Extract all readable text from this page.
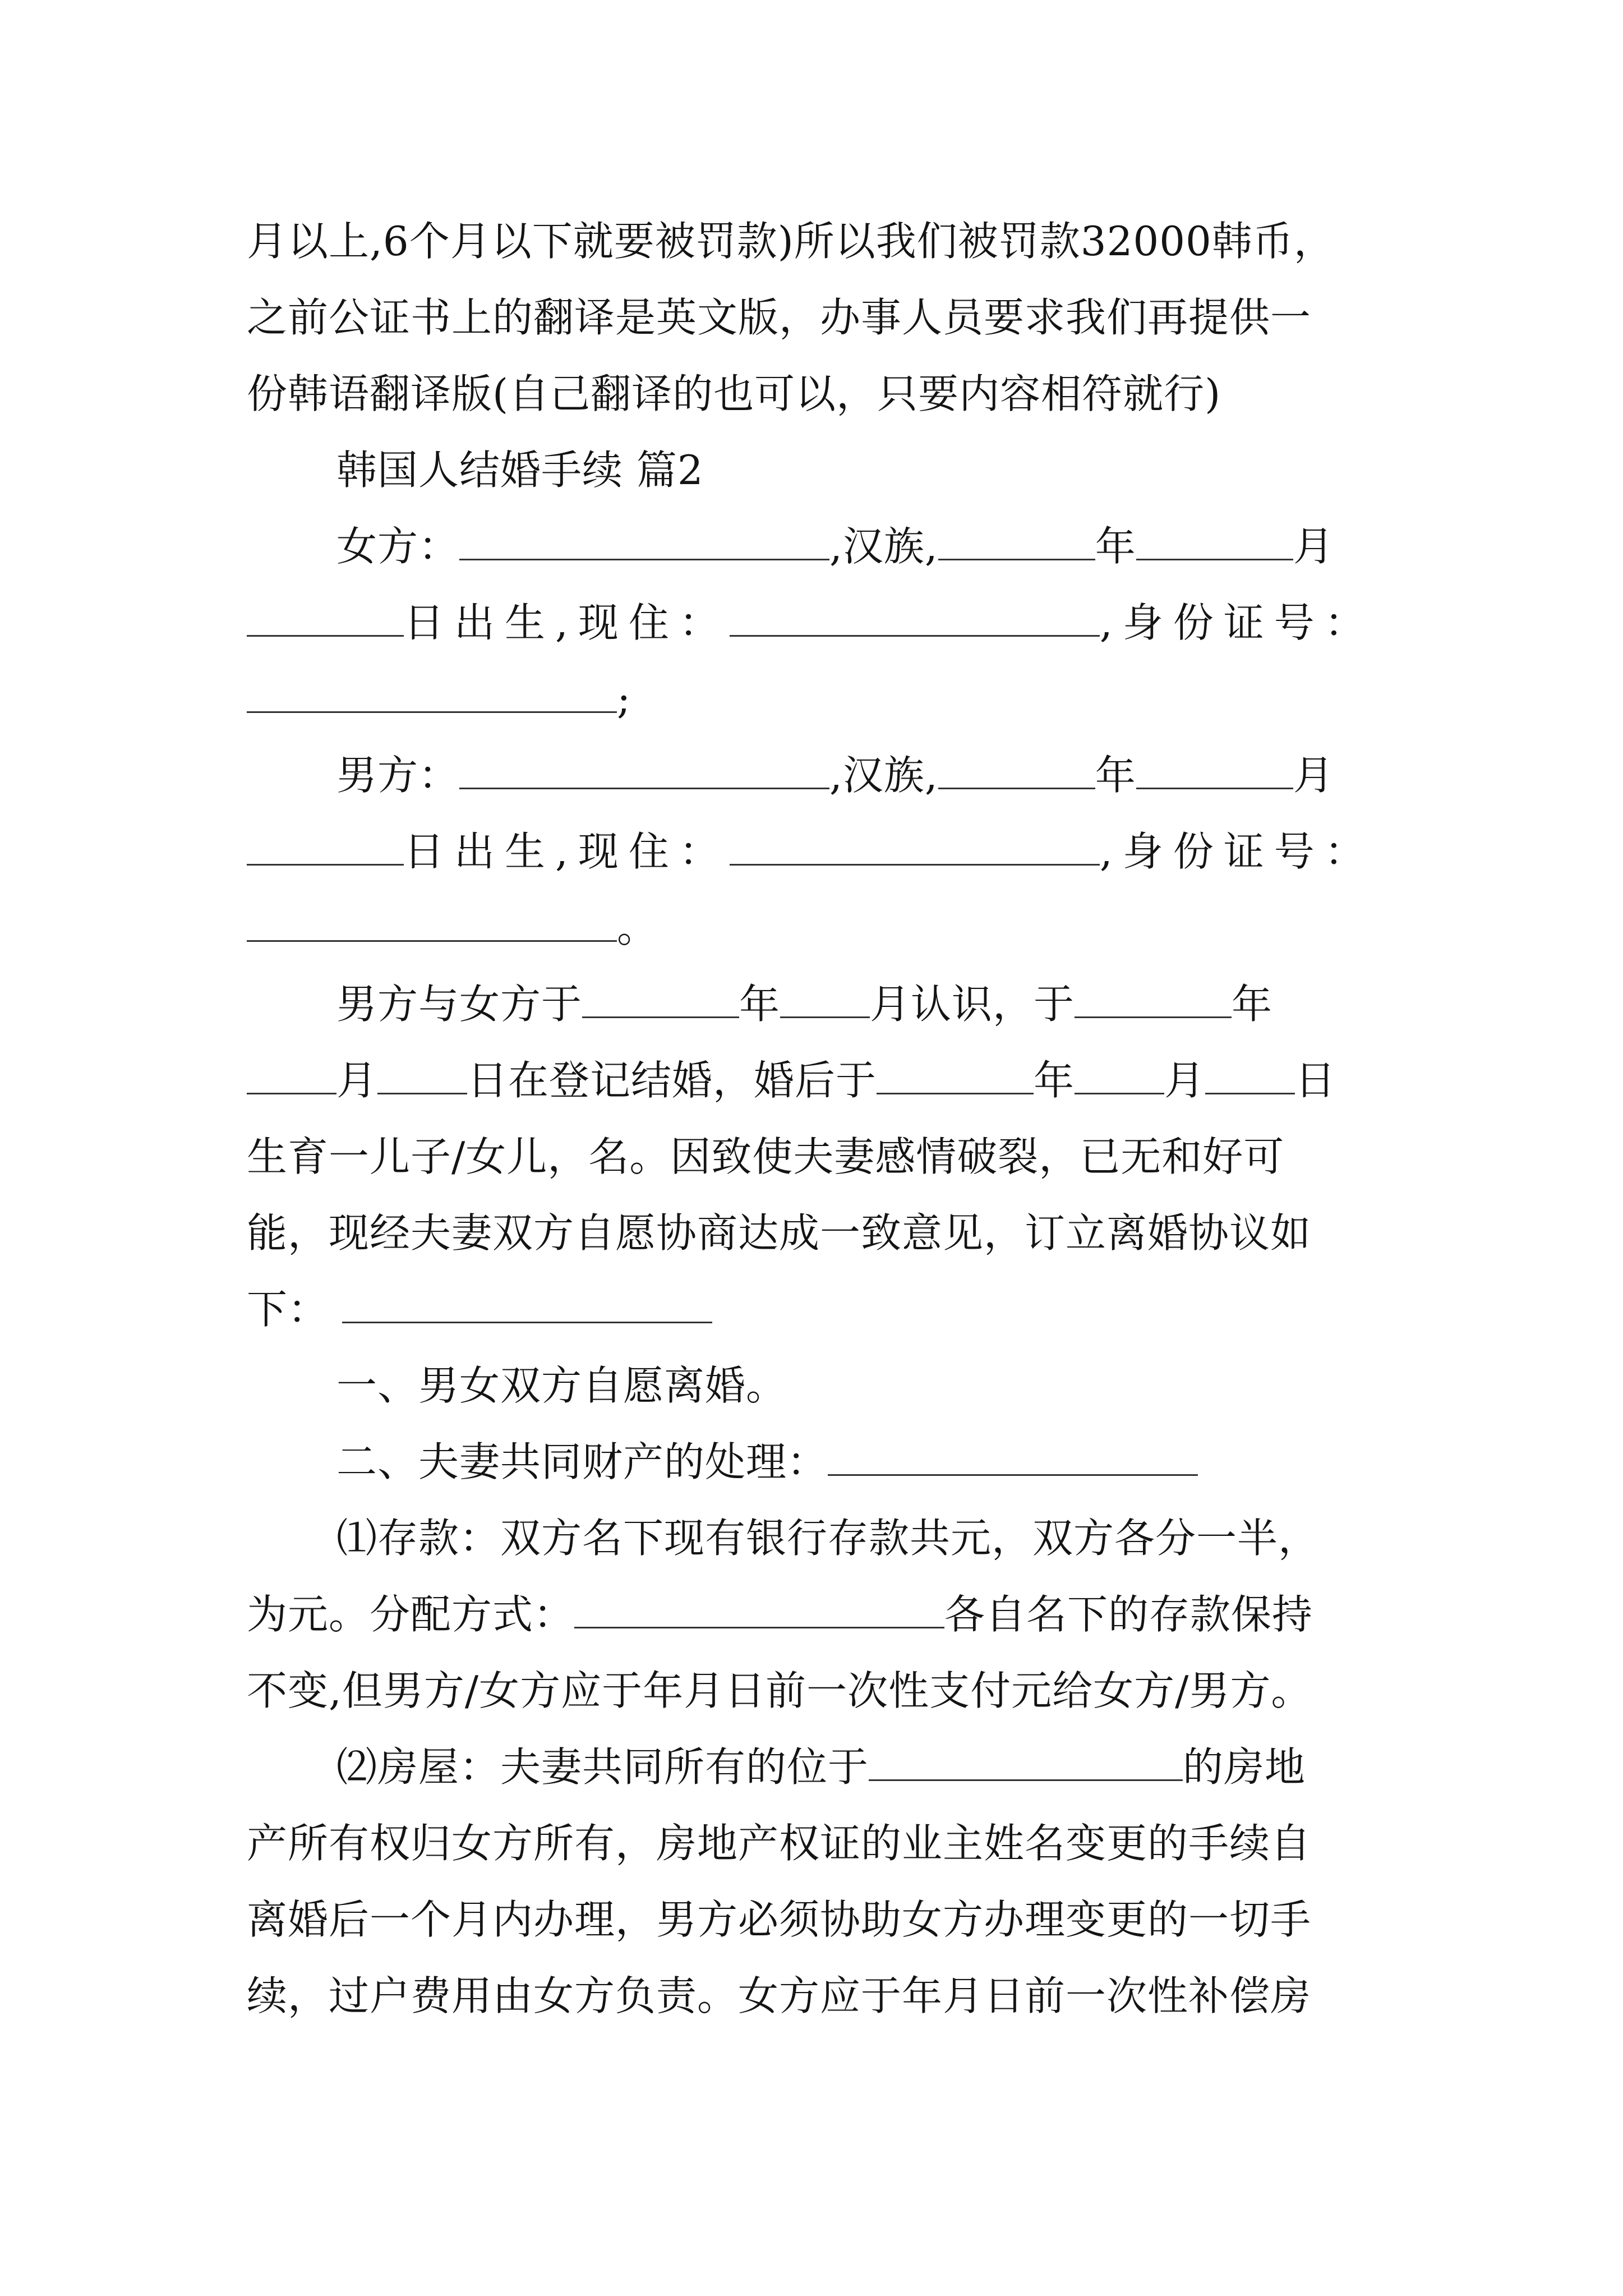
月以上,6个月以下就要被罚款)所以我们被罚款32000韩币，
之前公证书上的翻译是英文版，办事人员要求我们再提供一
份韩语翻译版(自己翻译的也可以，只要内容相符就行)
韩国人结婚手续 篇2
女方：	,汉族,	年	月
日出生,现住：	,身份证号：
;
男方：	,汉族,	年	月
日出生,现住：	,身份证号：
。
男方与女方于	年 月认识，于	年
月 日在登记结婚，婚后于	年 月 日
生育一儿子/女儿，名。因致使夫妻感情破裂，已无和好可
能，现经夫妻双方自愿协商达成一致意见，订立离婚协议如
下：
一、男女双方自愿离婚。
二、夫妻共同财产的处理：
⑴存款：双方名下现有银行存款共元，双方各分一半，
为元。分配方式：	各自名下的存款保持
不变,但男方/女方应于年月日前一次性支付元给女方/男方。
⑵房屋：夫妻共同所有的位于	的房地
产所有权归女方所有，房地产权证的业主姓名变更的手续自
离婚后一个月内办理，男方必须协助女方办理变更的一切手
续，过户费用由女方负责。女方应于年月日前一次性补偿房
